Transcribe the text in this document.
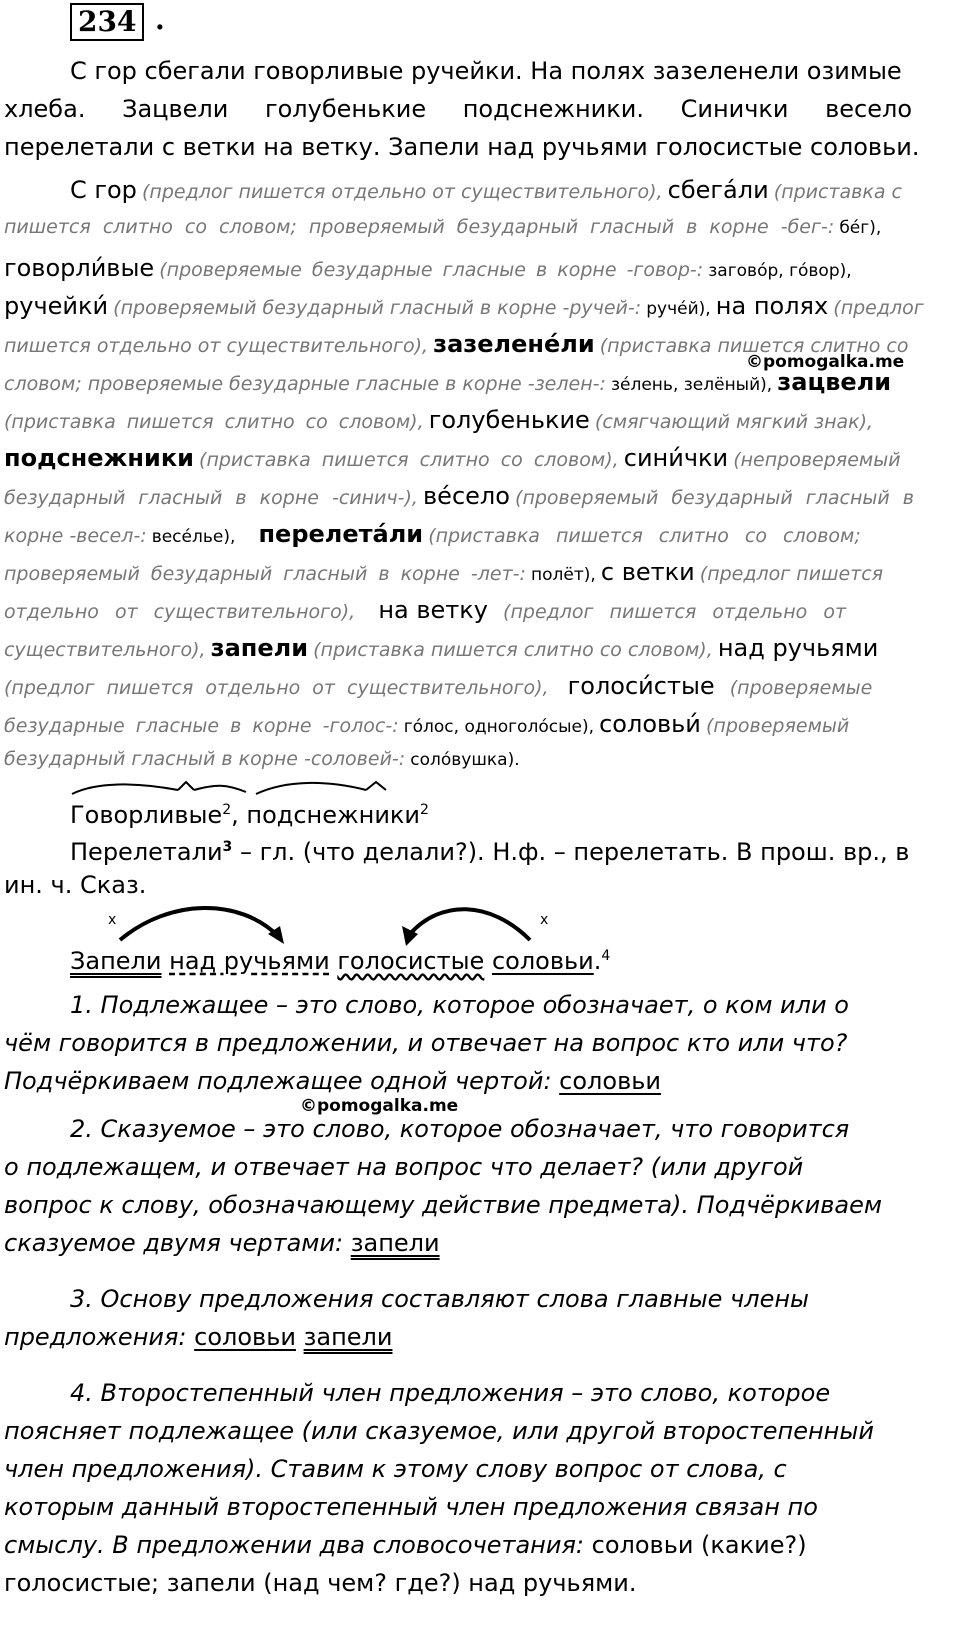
234 .
С гор сбегали говорливые ручейки. На полях зазеленели озимые
хлеба. Зацвели голубенькие подснежники. Синички весело
перелетали с ветки на ветку. Запели над ручьями голосистые соловьи.
С гор (предлог пишется отдельно от существительного), сбегáли (приставка с
пишется слитно со словом; проверяемый безударный гласный в корне -бег-: бéг),
говорли́вые (проверяемые безударные гласные в корне -говор-: заговóр, гóвор),
ручейки́ (проверяемый безударный гласный в корне -ручей-: ручéй), на полях (предлог
пишется отдельно от существительного), зазеленéли (приставка пишется слитно со
©pomogalka.me
словом; проверяемые безударные гласные в корне -зелен-: зéлень, зелёный), зацвели
(приставка пишется слитно со словом), голубенькие (смягчающий мягкий знак),
подснежники (приставка пишется слитно со словом), сини́чки (непроверяемый
безударный гласный в корне -синич-), вéсело (проверяемый безударный гласный в
корне -весел-: весéлье), перелетáли (приставка пишется слитно со словом;
проверяемый безударный гласный в корне -лет-: полёт), с ветки (предлог пишется
отдельно от существительного), на ветку (предлог пишется отдельно от
существительного), запели (приставка пишется слитно со словом), над ручьями
(предлог пишется отдельно от существительного), голоси́стые (проверяемые
безударные гласные в корне -голос-: гóлос, одноголóсые), соловьи́ (проверяемый
безударный гласный в корне -соловей-: солóвушка).
Говорливые$^2$, подснежники$^2$
Перелетали$^3$ – гл. (что делали?). Н.ф. – перелетать. В прош. вр., в
ин. ч. Сказ.
x	x
Запели над ручьями голосистые соловьи.$^4$
1. Подлежащее – это слово, которое обозначает, о ком или о
чём говорится в предложении, и отвечает на вопрос кто или что?
Подчёркиваем подлежащее одной чертой: соловьи
©pomogalka.me
2. Сказуемое – это слово, которое обозначает, что говорится
о подлежащем, и отвечает на вопрос что делает? (или другой
вопрос к слову, обозначающему действие предмета). Подчёркиваем
сказуемое двумя чертами: запели
3. Основу предложения составляют слова главные члены
предложения: соловьи запели
4. Второстепенный член предложения – это слово, которое
поясняет подлежащее (или сказуемое, или другой второстепенный
член предложения). Ставим к этому слову вопрос от слова, с
которым данный второстепенный член предложения связан по
смыслу. В предложении два словосочетания: соловьи (какие?)
голосистые; запели (над чем? где?) над ручьями.
